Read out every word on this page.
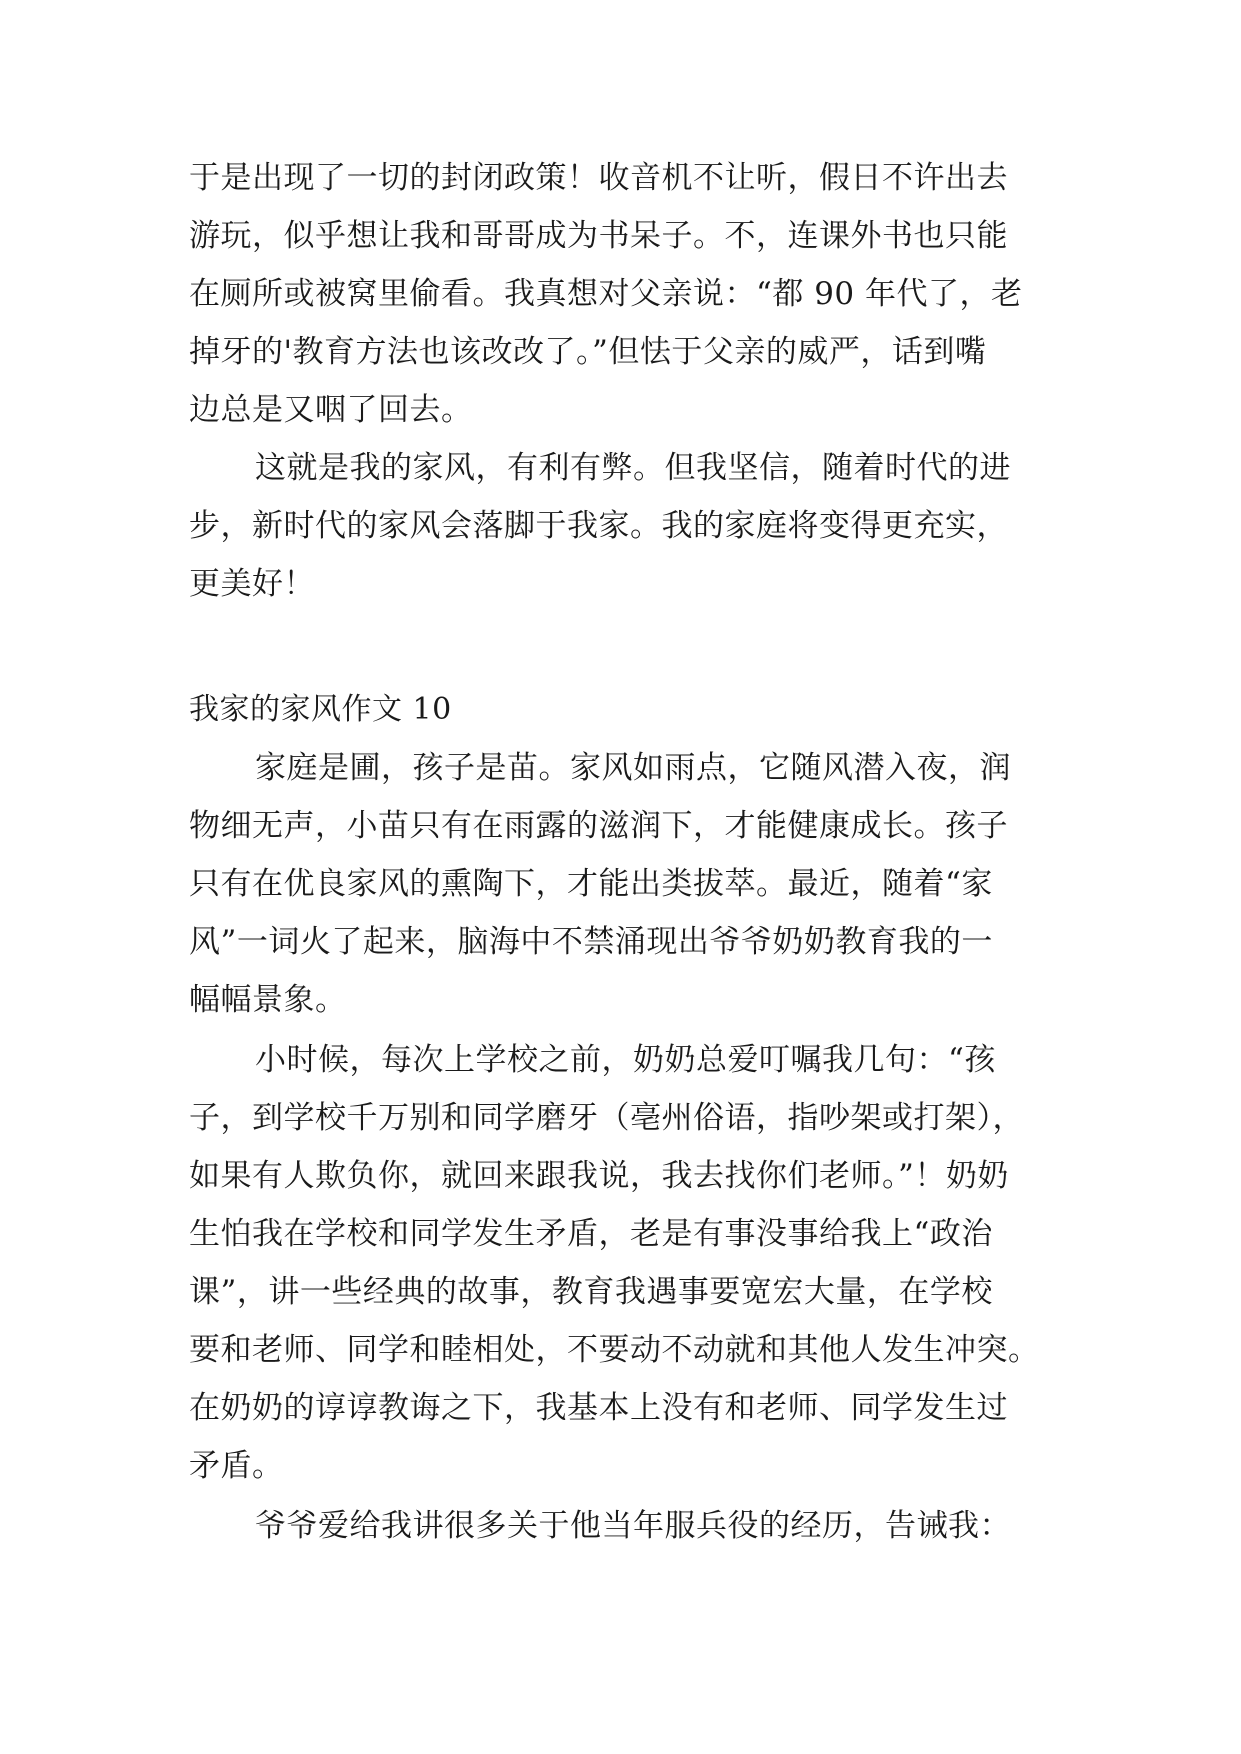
于是出现了一切的封闭政策！收音机不让听，假日不许出去
游玩，似乎想让我和哥哥成为书呆子。不，连课外书也只能
在厕所或被窝里偷看。我真想对父亲说：“都 90 年代了，老
掉牙的'教育方法也该改改了。”但怯于父亲的威严，话到嘴
边总是又咽了回去。
这就是我的家风，有利有弊。但我坚信，随着时代的进
步，新时代的家风会落脚于我家。我的家庭将变得更充实，
更美好！
我家的家风作文 10
家庭是圃，孩子是苗。家风如雨点，它随风潜入夜，润
物细无声，小苗只有在雨露的滋润下，才能健康成长。孩子
只有在优良家风的熏陶下，才能出类拔萃。最近，随着“家
风”一词火了起来，脑海中不禁涌现出爷爷奶奶教育我的一
幅幅景象。
小时候，每次上学校之前，奶奶总爱叮嘱我几句：“孩
子，到学校千万别和同学磨牙（亳州俗语，指吵架或打架），
如果有人欺负你，就回来跟我说，我去找你们老师。”！奶奶
生怕我在学校和同学发生矛盾，老是有事没事给我上“政治
课”，讲一些经典的故事，教育我遇事要宽宏大量，在学校
要和老师、同学和睦相处，不要动不动就和其他人发生冲突。
在奶奶的谆谆教诲之下，我基本上没有和老师、同学发生过
矛盾。
爷爷爱给我讲很多关于他当年服兵役的经历，告诫我：
